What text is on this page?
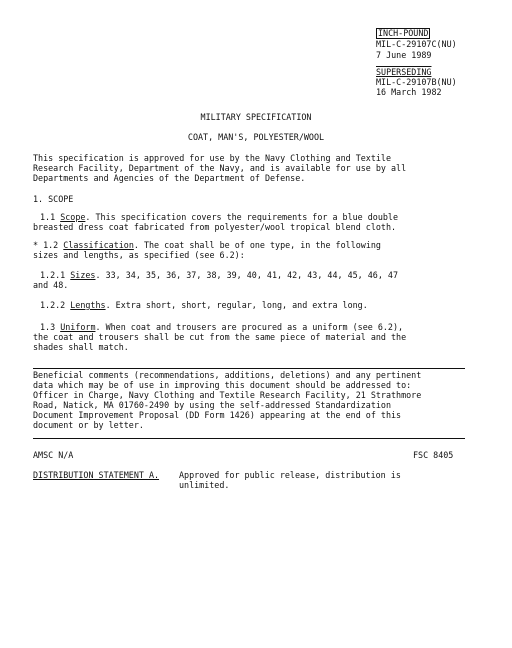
INCH-POUND
MIL-C-29107C(NU)
7 June 1989
SUPERSEDING
MIL-C-29107B(NU)
16 March 1982
MILITARY SPECIFICATION
COAT, MAN'S, POLYESTER/WOOL
This specification is approved for use by the Navy Clothing and Textile
Research Facility, Department of the Navy, and is available for use by all
Departments and Agencies of the Department of Defense.
1. SCOPE
1.1 Scope. This specification covers the requirements for a blue double
breasted dress coat fabricated from polyester/wool tropical blend cloth.
* 1.2 Classification. The coat shall be of one type, in the following
sizes and lengths, as specified (see 6.2):
1.2.1 Sizes. 33, 34, 35, 36, 37, 38, 39, 40, 41, 42, 43, 44, 45, 46, 47
and 48.
1.2.2 Lengths. Extra short, short, regular, long, and extra long.
1.3 Uniform. When coat and trousers are procured as a uniform (see 6.2),
the coat and trousers shall be cut from the same piece of material and the
shades shall match.
Beneficial comments (recommendations, additions, deletions) and any pertinent
data which may be of use in improving this document should be addressed to:
Officer in Charge, Navy Clothing and Textile Research Facility, 21 Strathmore
Road, Natick, MA 01760-2490 by using the self-addressed Standardization
Document Improvement Proposal (DD Form 1426) appearing at the end of this
document or by letter.
AMSC N/A	FSC 8405
DISTRIBUTION STATEMENT A. Approved for public release, distribution is
unlimited.
